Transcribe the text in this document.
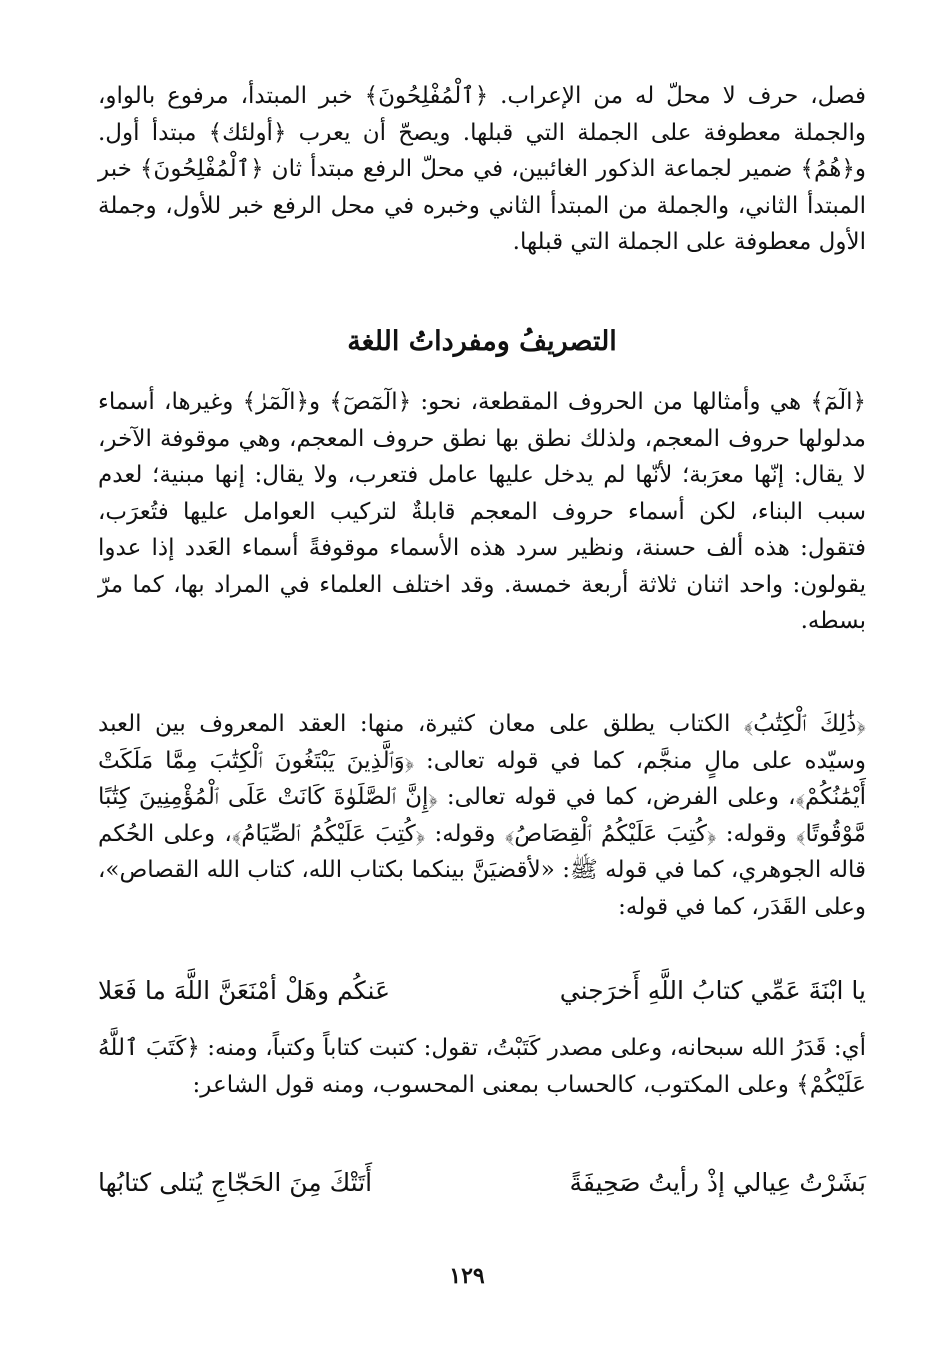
فصل، حرف لا محلّ له من الإعراب. ﴿ٱلْمُفْلِحُونَ﴾ خبر المبتدأ، مرفوع بالواو، والجملة معطوفة على الجملة التي قبلها. ويصحّ أن يعرب ﴿أولئك﴾ مبتدأ أول. و﴿هُمُ﴾ ضمير لجماعة الذكور الغائبين، في محلّ الرفع مبتدأ ثان ﴿ٱلْمُفْلِحُونَ﴾ خبر المبتدأ الثاني، والجملة من المبتدأ الثاني وخبره في محل الرفع خبر للأول، وجملة الأول معطوفة على الجملة التي قبلها.

التصريفُ ومفرداتُ اللغة

﴿الٓمٓ﴾ هي وأمثالها من الحروف المقطعة، نحو: ﴿الٓمٓصٓ﴾ و﴿الٓمٓرٰ﴾ وغيرها، أسماء مدلولها حروف المعجم، ولذلك نطق بها نطق حروف المعجم، وهي موقوفة الآخر، لا يقال: إنّها معرَبة؛ لأنّها لم يدخل عليها عامل فتعرب، ولا يقال: إنها مبنية؛ لعدم سبب البناء، لكن أسماء حروف المعجم قابلةٌ لتركيب العوامل عليها فتُعرَب، فتقول: هذه ألف حسنة، ونظير سرد هذه الأسماء موقوفةً أسماء العَدد إذا عدوا يقولون: واحد اثنان ثلاثة أربعة خمسة. وقد اختلف العلماء في المراد بها، كما مرّ بسطه.

﴿ذَٰلِكَ ٱلْكِتَٰبُ﴾ الكتاب يطلق على معان كثيرة، منها: العقد المعروف بين العبد وسيّده على مالٍ منجَّم، كما في قوله تعالى: ﴿وَٱلَّذِينَ يَبْتَغُونَ ٱلْكِتَٰبَ مِمَّا مَلَكَتْ أَيْمَٰنُكُمْ﴾، وعلى الفرض، كما في قوله تعالى: ﴿إِنَّ ٱلصَّلَوٰةَ كَانَتْ عَلَى ٱلْمُؤْمِنِينَ كِتَٰبًا مَّوْقُوتًا﴾ وقوله: ﴿كُتِبَ عَلَيْكُمُ ٱلْقِصَاصُ﴾ وقوله: ﴿كُتِبَ عَلَيْكُمُ ٱلصِّيَامُ﴾، وعلى الحُكم قاله الجوهري، كما في قوله ﷺ: «لأقضيَنَّ بينكما بكتاب الله، كتاب الله القصاص»، وعلى القَدَر، كما في قوله:

يا ابْنَةَ عَمِّي كتابُ اللَّهِ أَخرَجني
عَنكُم وهَلْ أمْنَعَنَّ اللَّهَ ما فَعَلا

أي: قَدَرُ الله سبحانه، وعلى مصدر كَتَبْتُ، تقول: كتبت كتاباً وكتباً، ومنه: ﴿كَتَبَ ٱللَّهُ عَلَيْكُمْ﴾ وعلى المكتوب، كالحساب بمعنى المحسوب، ومنه قول الشاعر:

بَشَرْتُ عِيالي إذْ رأيتُ صَحِيفَةً
أَتَتْكَ مِنَ الحَجّاجِ يُتلى كتابُها
١٢٩
